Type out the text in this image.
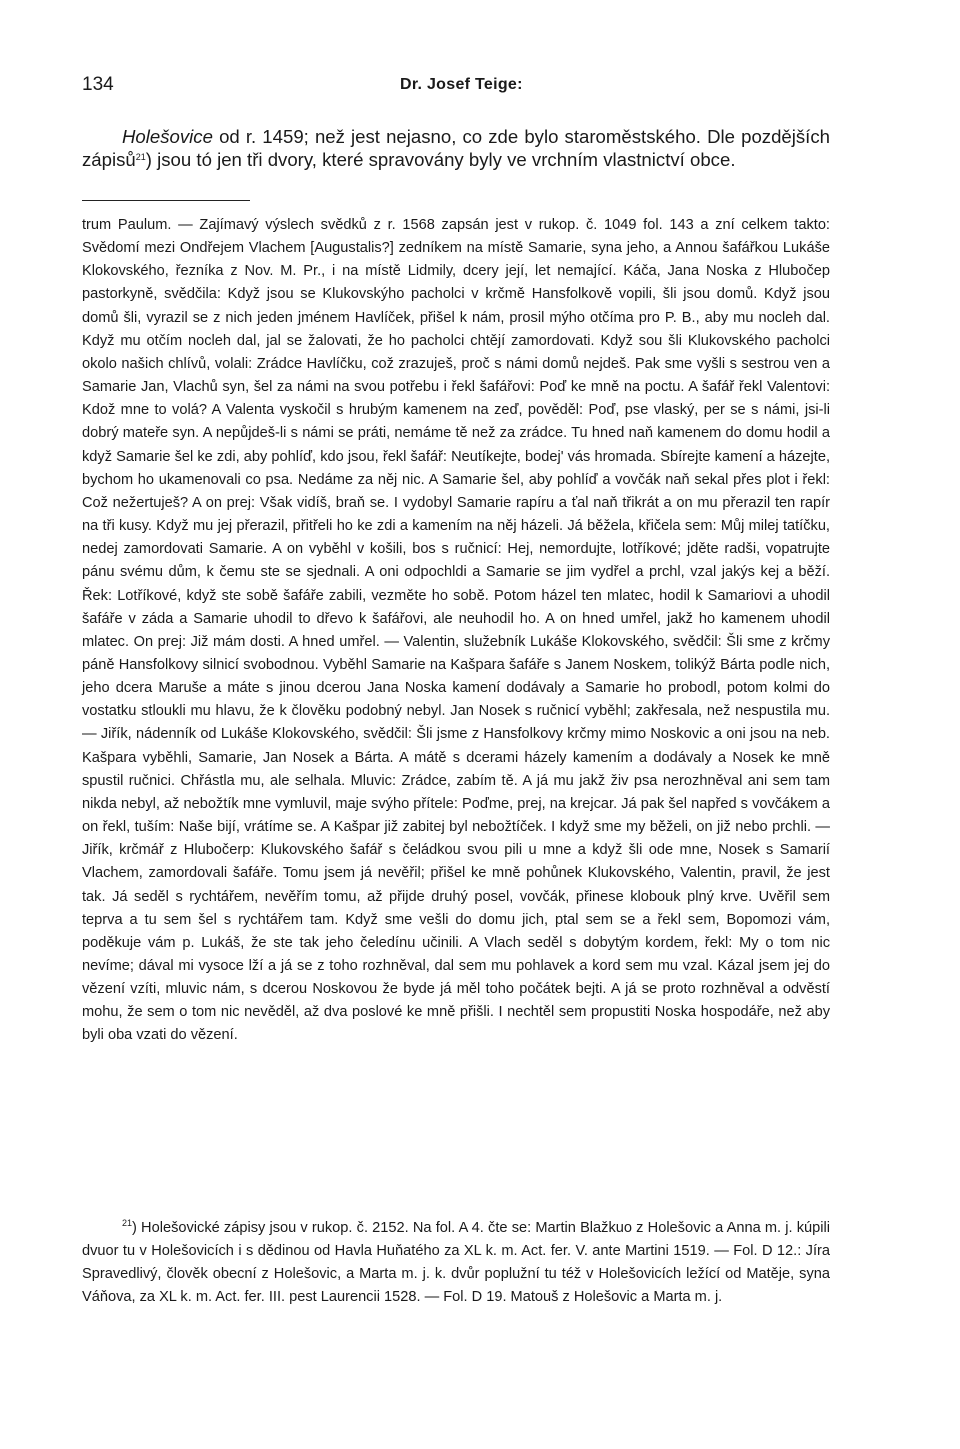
134	Dr. Josef Teige:

Holešovice od r. 1459; než jest nejasno, co zde bylo staroměstského. Dle pozdějších zápisů$^{21}$) jsou tó jen tři dvory, které spravovány byly ve vrchním vlastnictví obce.

trum Paulum. — Zajímavý výslech svědků z r. 1568 zapsán jest v rukop. č. 1049 fol. 143 a zní celkem takto: Svědomí mezi Ondřejem Vlachem [Augustalis?] zedníkem na místě Samarie, syna jeho, a Annou šafářkou Lukáše Klokovského, řezníka z Nov. M. Pr., i na místě Lidmily, dcery její, let nemající. Káča, Jana Noska z Hlubočep pastorkyně, svědčila: Když jsou se Klukovskýho pacholci v krčmě Hansfolkově vopili, šli jsou domů. Když jsou domů šli, vyrazil se z nich jeden jménem Havlíček, přišel k nám, prosil mýho otčíma pro P. B., aby mu nocleh dal. Když mu otčím nocleh dal, jal se žalovati, že ho pacholci chtějí zamordovati. Když sou šli Klukovského pacholci okolo našich chlívů, volali: Zrádce Havlíčku, což zrazuješ, proč s námi domů nejdeš. Pak sme vyšli s sestrou ven a Samarie Jan, Vlachů syn, šel za námi na svou potřebu i řekl šafářovi: Poď ke mně na poctu. A šafář řekl Valentovi: Kdož mne to volá? A Valenta vyskočil s hrubým kamenem na zeď, pověděl: Poď, pse vlaský, per se s námi, jsi-li dobrý mateře syn. A nepůjdeš-li s námi se práti, nemáme tě než za zrádce. Tu hned naň kamenem do domu hodil a když Samarie šel ke zdi, aby pohlíď, kdo jsou, řekl šafář: Neutíkejte, bodej' vás hromada. Sbírejte kamení a házejte, bychom ho ukamenovali co psa. Nedáme za něj nic. A Samarie šel, aby pohlíď a vovčák naň sekal přes plot i řekl: Což nežertuješ? A on prej: Však vidíš, braň se. I vydobyl Samarie rapíru a ťal naň třikrát a on mu přerazil ten rapír na tři kusy. Když mu jej přerazil, přitřeli ho ke zdi a kamením na něj házeli. Já běžela, křičela sem: Můj milej tatíčku, nedej zamordovati Samarie. A on vyběhl v košili, bos s ručnicí: Hej, nemordujte, lotříkové; jděte radši, vopatrujte pánu svému dům, k čemu ste se sjednali. A oni odpochldi a Samarie se jim vydřel a prchl, vzal jakýs kej a běží. Řek: Lotříkové, když ste sobě šafáře zabili, vezměte ho sobě. Potom házel ten mlatec, hodil k Samariovi a uhodil šafáře v záda a Samarie uhodil to dřevo k šafářovi, ale neuhodil ho. A on hned umřel, jakž ho kamenem uhodil mlatec. On prej: Již mám dosti. A hned umřel. — Valentin, služebník Lukáše Klokovského, svědčil: Šli sme z krčmy páně Hansfolkovy silnicí svobodnou. Vyběhl Samarie na Kašpara šafáře s Janem Noskem, tolikýž Bárta podle nich, jeho dcera Maruše a máte s jinou dcerou Jana Noska kamení dodávaly a Samarie ho probodl, potom kolmi do vostatku stloukli mu hlavu, že k člověku podobný nebyl. Jan Nosek s ručnicí vyběhl; zakřesala, než nespustila mu. — Jiřík, nádenník od Lukáše Klokovského, svědčil: Šli jsme z Hansfolkovy krčmy mimo Noskovic a oni jsou na neb. Kašpara vyběhli, Samarie, Jan Nosek a Bárta. A mátě s dcerami házely kamením a dodávaly a Nosek ke mně spustil ručnici. Chřástla mu, ale selhala. Mluvic: Zrádce, zabím tě. A já mu jakž živ psa nerozhněval ani sem tam nikda nebyl, až nebožtík mne vymluvil, maje svýho přítele: Poďme, prej, na krejcar. Já pak šel napřed s vovčákem a on řekl, tuším: Naše bijí, vrátíme se. A Kašpar již zabitej byl nebožtíček. I když sme my běželi, on již nebo prchli. — Jiřík, krčmář z Hlubočerp: Klukovského šafář s čeládkou svou pili u mne a když šli ode mne, Nosek s Samarií Vlachem, zamordovali šafáře. Tomu jsem já nevěřil; přišel ke mně pohůnek Klukovského, Valentin, pravil, že jest tak. Já seděl s rychtářem, nevěřím tomu, až přijde druhý posel, vovčák, přinese klobouk plný krve. Uvěřil sem teprva a tu sem šel s rychtářem tam. Když sme vešli do domu jich, ptal sem se a řekl sem, Bopomozi vám, poděkuje vám p. Lukáš, že ste tak jeho čeledínu učinili. A Vlach seděl s dobytým kordem, řekl: My o tom nic nevíme; dával mi vysoce lží a já se z toho rozhněval, dal sem mu pohlavek a kord sem mu vzal. Kázal jsem jej do vězení vzíti, mluvic nám, s dcerou Noskovou že byde já měl toho počátek bejti. A já se proto rozhněval a odvěstí mohu, že sem o tom nic nevěděl, až dva poslové ke mně přišli. I nechtěl sem propustiti Noska hospodáře, než aby byli oba vzati do vězení.

$^{21}$) Holešovické zápisy jsou v rukop. č. 2152. Na fol. A 4. čte se: Martin Blažkuo z Holešovic a Anna m. j. kúpili dvuor tu v Holešovicích i s dědinou od Havla Huňatého za XL k. m. Act. fer. V. ante Martini 1519. — Fol. D 12.: Jíra Spravedlivý, člověk obecní z Holešovic, a Marta m. j. k. dvůr poplužní tu též v Holešovicích ležící od Matěje, syna Váňova, za XL k. m. Act. fer. III. pest Laurencii 1528. — Fol. D 19. Matouš z Holešovic a Marta m. j.
